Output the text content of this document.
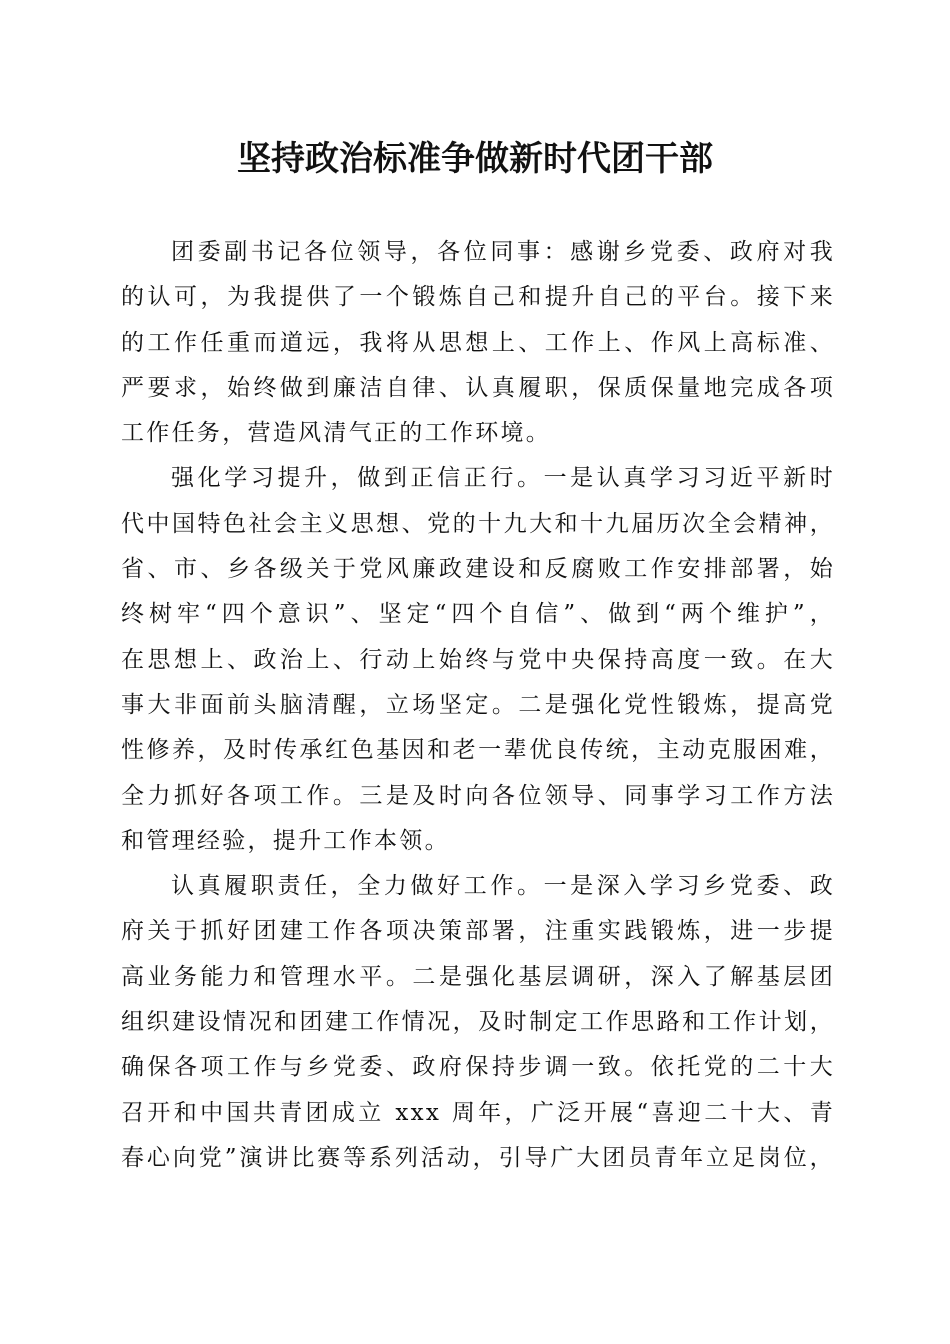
坚持政治标准争做新时代团干部
团委副书记各位领导，各位同事：感谢乡党委、政府对我
的认可，为我提供了一个锻炼自己和提升自己的平台。接下来
的工作任重而道远，我将从思想上、工作上、作风上高标准、
严要求，始终做到廉洁自律、认真履职，保质保量地完成各项
工作任务，营造风清气正的工作环境。
强化学习提升，做到正信正行。一是认真学习习近平新时
代中国特色社会主义思想、党的十九大和十九届历次全会精神，
省、市、乡各级关于党风廉政建设和反腐败工作安排部署，始
终树牢“四个意识”、坚定“四个自信”、做到“两个维护”，
在思想上、政治上、行动上始终与党中央保持高度一致。在大
事大非面前头脑清醒，立场坚定。二是强化党性锻炼，提高党
性修养，及时传承红色基因和老一辈优良传统，主动克服困难，
全力抓好各项工作。三是及时向各位领导、同事学习工作方法
和管理经验，提升工作本领。
认真履职责任，全力做好工作。一是深入学习乡党委、政
府关于抓好团建工作各项决策部署，注重实践锻炼，进一步提
高业务能力和管理水平。二是强化基层调研，深入了解基层团
组织建设情况和团建工作情况，及时制定工作思路和工作计划，
确保各项工作与乡党委、政府保持步调一致。依托党的二十大
召开和中国共青团成立 xxx 周年，广泛开展“喜迎二十大、青
春心向党”演讲比赛等系列活动，引导广大团员青年立足岗位，
